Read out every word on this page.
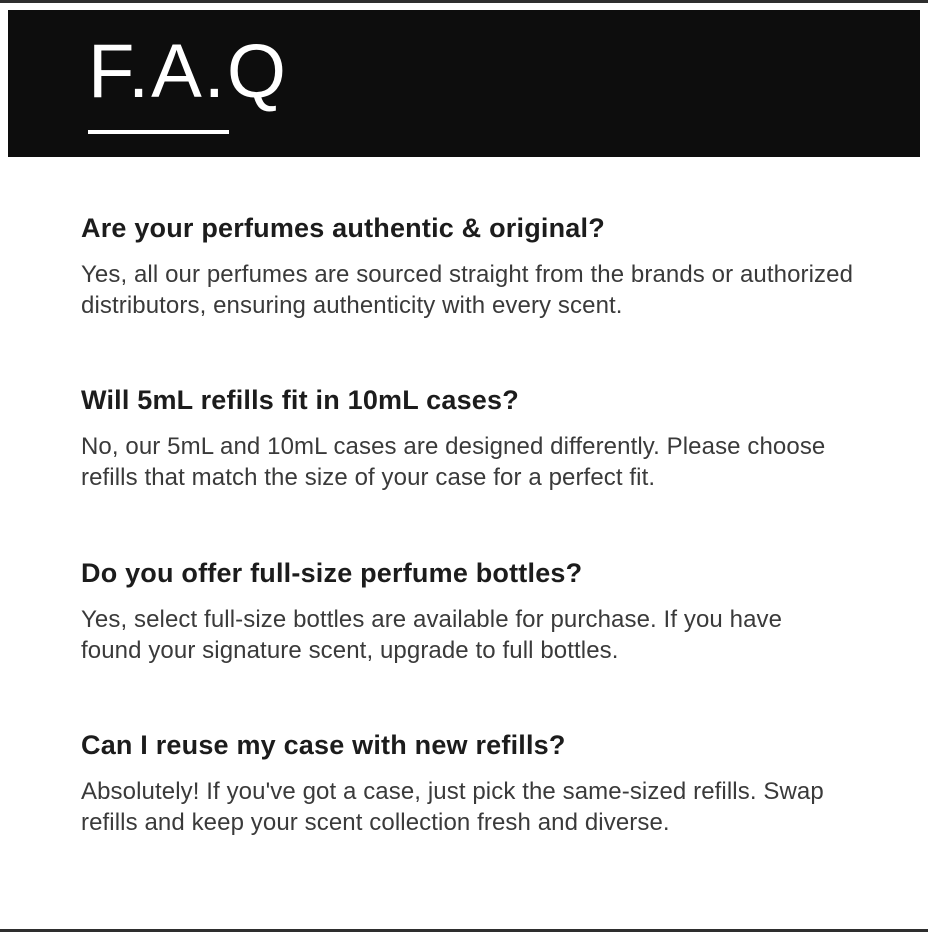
F.A.Q
Are your perfumes authentic & original?

Yes, all our perfumes are sourced straight from the brands or authorized
distributors, ensuring authenticity with every scent.

Will 5mL refills fit in 10mL cases?

No, our 5mL and 10mL cases are designed differently. Please choose
refills that match the size of your case for a perfect fit.

Do you offer full-size perfume bottles?

Yes, select full-size bottles are available for purchase. If you have
found your signature scent, upgrade to full bottles.

Can I reuse my case with new refills?

Absolutely! If you've got a case, just pick the same-sized refills. Swap
refills and keep your scent collection fresh and diverse.
